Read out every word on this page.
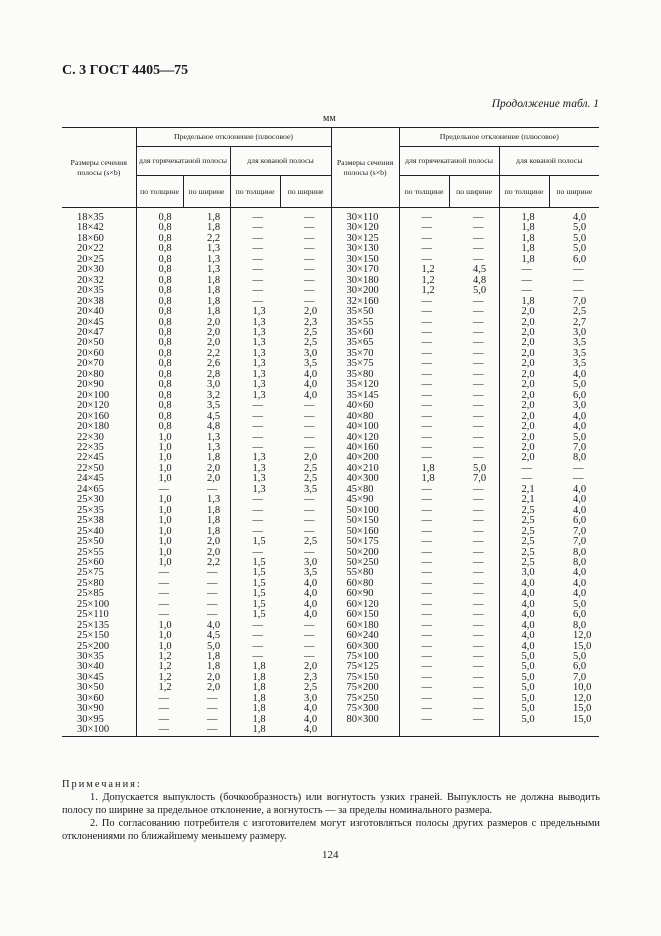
С. 3 ГОСТ 4405—75
Продолжение табл. 1
мм
Размеры сечения полосы (s×b)	Предельное отклонение (плюсовое)				Размеры сечения полосы (s×b)	Предельное отклонение (плюсовое)			
	для горячекатаной полосы		для кованой полосы			для горячекатаной полосы		для кованой полосы	
	по толщине	по ширине	по толщине	по ширине		по толщине	по ширине	по толщине	по ширине
18×35	0,8	1,8	—	—	30×110	—	—	1,8	4,0
18×42	0,8	1,8	—	—	30×120	—	—	1,8	5,0
18×60	0,8	2,2	—	—	30×125	—	—	1,8	5,0
20×22	0,8	1,3	—	—	30×130	—	—	1,8	5,0
20×25	0,8	1,3	—	—	30×150	—	—	1,8	6,0
20×30	0,8	1,3	—	—	30×170	1,2	4,5	—	—
20×32	0,8	1,8	—	—	30×180	1,2	4,8	—	—
20×35	0,8	1,8	—	—	30×200	1,2	5,0	—	—
20×38	0,8	1,8	—	—	32×160	—	—	1,8	7,0
20×40	0,8	1,8	1,3	2,0	35×50	—	—	2,0	2,5
20×45	0,8	2,0	1,3	2,3	35×55	—	—	2,0	2,7
20×47	0,8	2,0	1,3	2,5	35×60	—	—	2,0	3,0
20×50	0,8	2,0	1,3	2,5	35×65	—	—	2,0	3,5
20×60	0,8	2,2	1,3	3,0	35×70	—	—	2,0	3,5
20×70	0,8	2,6	1,3	3,5	35×75	—	—	2,0	3,5
20×80	0,8	2,8	1,3	4,0	35×80	—	—	2,0	4,0
20×90	0,8	3,0	1,3	4,0	35×120	—	—	2,0	5,0
20×100	0,8	3,2	1,3	4,0	35×145	—	—	2,0	6,0
20×120	0,8	3,5	—	—	40×60	—	—	2,0	3,0
20×160	0,8	4,5	—	—	40×80	—	—	2,0	4,0
20×180	0,8	4,8	—	—	40×100	—	—	2,0	4,0
22×30	1,0	1,3	—	—	40×120	—	—	2,0	5,0
22×35	1,0	1,3	—	—	40×160	—	—	2,0	7,0
22×45	1,0	1,8	1,3	2,0	40×200	—	—	2,0	8,0
22×50	1,0	2,0	1,3	2,5	40×210	1,8	5,0	—	—
24×45	1,0	2,0	1,3	2,5	40×300	1,8	7,0	—	—
24×65	—	—	1,3	3,5	45×80	—	—	2,1	4,0
25×30	1,0	1,3	—	—	45×90	—	—	2,1	4,0
25×35	1,0	1,8	—	—	50×100	—	—	2,5	4,0
25×38	1,0	1,8	—	—	50×150	—	—	2,5	6,0
25×40	1,0	1,8	—	—	50×160	—	—	2,5	7,0
25×50	1,0	2,0	1,5	2,5	50×175	—	—	2,5	7,0
25×55	1,0	2,0	—	—	50×200	—	—	2,5	8,0
25×60	1,0	2,2	1,5	3,0	50×250	—	—	2,5	8,0
25×75	—	—	1,5	3,5	55×80	—	—	3,0	4,0
25×80	—	—	1,5	4,0	60×80	—	—	4,0	4,0
25×85	—	—	1,5	4,0	60×90	—	—	4,0	4,0
25×100	—	—	1,5	4,0	60×120	—	—	4,0	5,0
25×110	—	—	1,5	4,0	60×150	—	—	4,0	6,0
25×135	1,0	4,0	—	—	60×180	—	—	4,0	8,0
25×150	1,0	4,5	—	—	60×240	—	—	4,0	12,0
25×200	1,0	5,0	—	—	60×300	—	—	4,0	15,0
30×35	1,2	1,8	—	—	75×100	—	—	5,0	5,0
30×40	1,2	1,8	1,8	2,0	75×125	—	—	5,0	6,0
30×45	1,2	2,0	1,8	2,3	75×150	—	—	5,0	7,0
30×50	1,2	2,0	1,8	2,5	75×200	—	—	5,0	10,0
30×60	—	—	1,8	3,0	75×250	—	—	5,0	12,0
30×90	—	—	1,8	4,0	75×300	—	—	5,0	15,0
30×95	—	—	1,8	4,0	80×300	—	—	5,0	15,0
30×100	—	—	1,8	4,0					
Примечания:

1. Допускается выпуклость (бочкообразность) или вогнутость узких граней. Выпуклость не должна выводить полосу по ширине за предельное отклонение, а вогнутость — за пределы номинального размера.

2. По согласованию потребителя с изготовителем могут изготовляться полосы других размеров с предельными отклонениями по ближайшему меньшему размеру.

124
